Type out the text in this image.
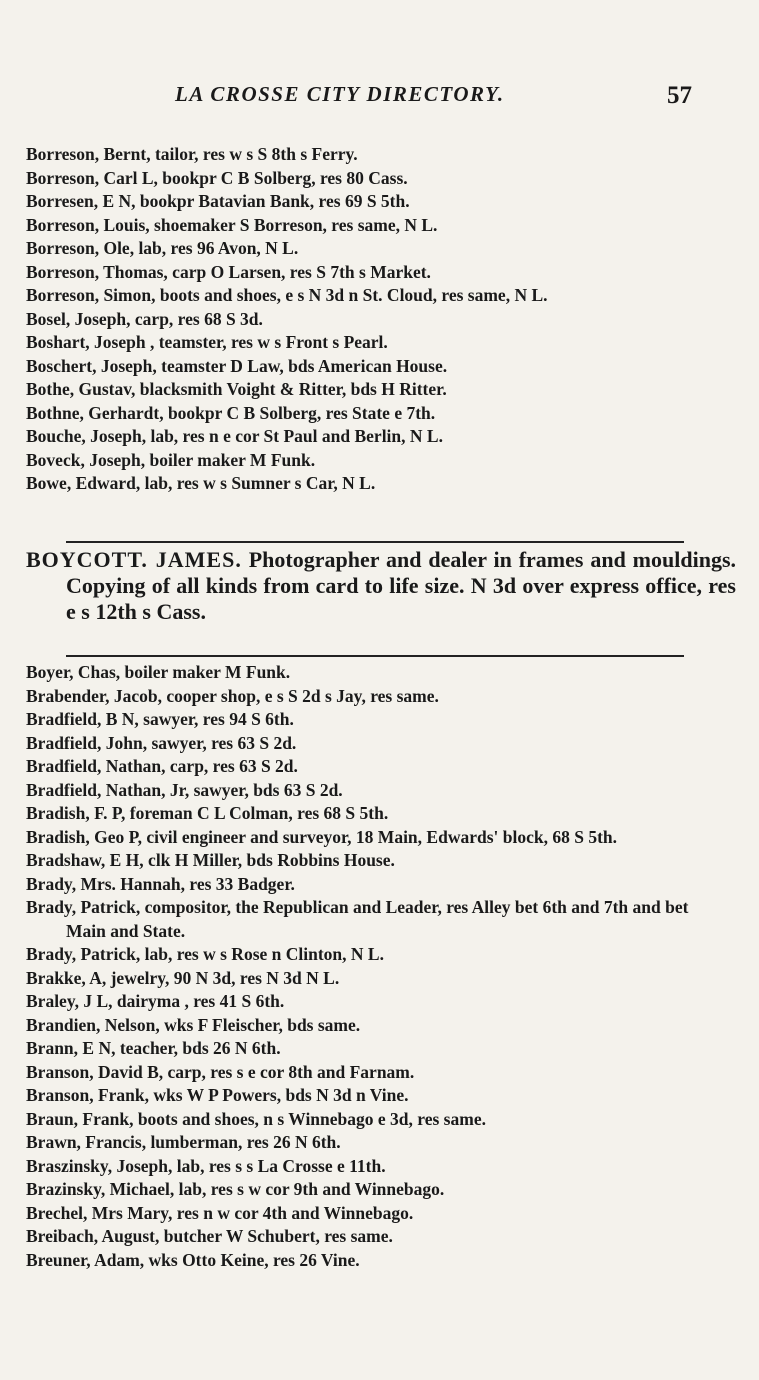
LA CROSSE CITY DIRECTORY.	57
Borreson, Bernt, tailor, res w s S 8th s Ferry.
Borreson, Carl L, bookpr C B Solberg, res 80 Cass.
Borresen, E N, bookpr Batavian Bank, res 69 S 5th.
Borreson, Louis, shoemaker S Borreson, res same, N L.
Borreson, Ole, lab, res 96 Avon, N L.
Borreson, Thomas, carp O Larsen, res S 7th s Market.
Borreson, Simon, boots and shoes, e s N 3d n St. Cloud, res same, N L.
Bosel, Joseph, carp, res 68 S 3d.
Boshart, Joseph , teamster, res w s Front s Pearl.
Boschert, Joseph, teamster D Law, bds American House.
Bothe, Gustav, blacksmith Voight & Ritter, bds H Ritter.
Bothne, Gerhardt, bookpr C B Solberg, res State e 7th.
Bouche, Joseph, lab, res n e cor St Paul and Berlin, N L.
Boveck, Joseph, boiler maker M Funk.
Bowe, Edward, lab, res w s Sumner s Car, N L.
BOYCOTT. JAMES. Photographer and dealer in frames and mouldings. Copying of all kinds from card to life size. N 3d over express office, res e s 12th s Cass.
Boyer, Chas, boiler maker M Funk.
Brabender, Jacob, cooper shop, e s S 2d s Jay, res same.
Bradfield, B N, sawyer, res 94 S 6th.
Bradfield, John, sawyer, res 63 S 2d.
Bradfield, Nathan, carp, res 63 S 2d.
Bradfield, Nathan, Jr, sawyer, bds 63 S 2d.
Bradish, F. P, foreman C L Colman, res 68 S 5th.
Bradish, Geo P, civil engineer and surveyor, 18 Main, Edwards' block, 68 S 5th.
Bradshaw, E H, clk H Miller, bds Robbins House.
Brady, Mrs. Hannah, res 33 Badger.
Brady, Patrick, compositor, the Republican and Leader, res Alley bet 6th and 7th and bet Main and State.
Brady, Patrick, lab, res w s Rose n Clinton, N L.
Brakke, A, jewelry, 90 N 3d, res N 3d N L.
Braley, J L, dairyma , res 41 S 6th.
Brandien, Nelson, wks F Fleischer, bds same.
Brann, E N, teacher, bds 26 N 6th.
Branson, David B, carp, res s e cor 8th and Farnam.
Branson, Frank, wks W P Powers, bds N 3d n Vine.
Braun, Frank, boots and shoes, n s Winnebago e 3d, res same.
Brawn, Francis, lumberman, res 26 N 6th.
Braszinsky, Joseph, lab, res s s La Crosse e 11th.
Brazinsky, Michael, lab, res s w cor 9th and Winnebago.
Brechel, Mrs Mary, res n w cor 4th and Winnebago.
Breibach, August, butcher W Schubert, res same.
Breuner, Adam, wks Otto Keine, res 26 Vine.
